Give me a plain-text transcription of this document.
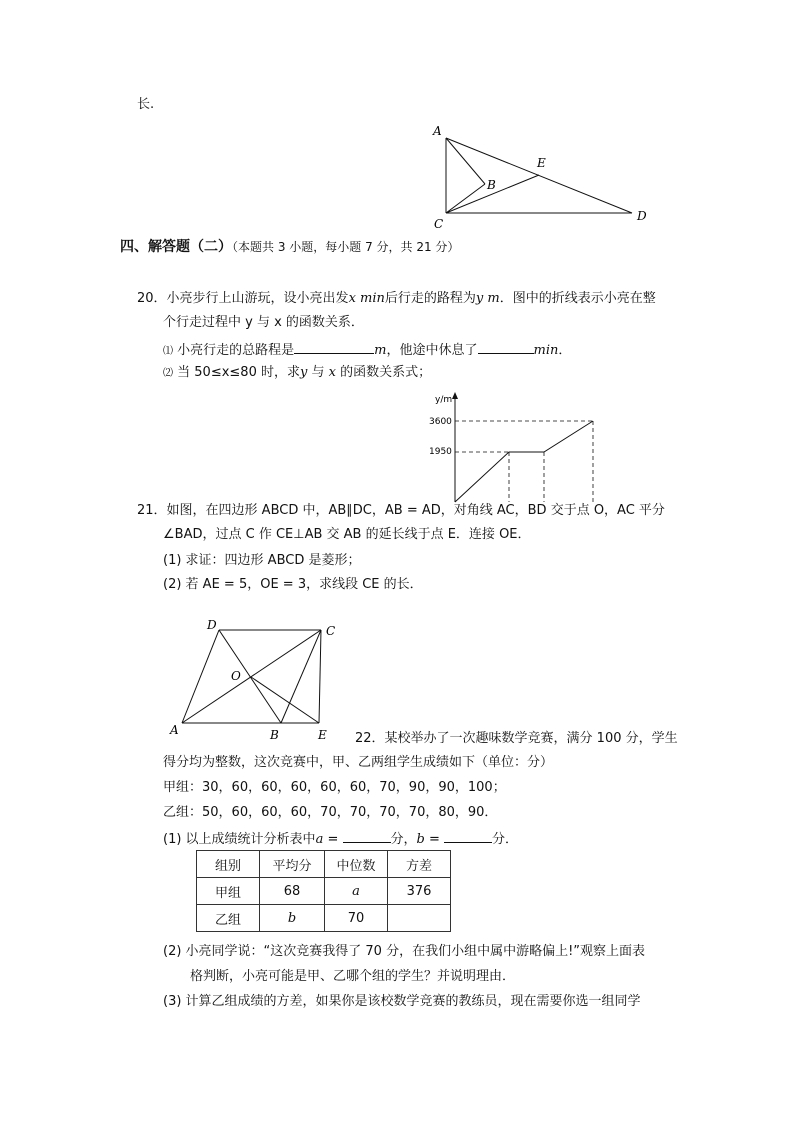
长.
A
B
C
D
E
四、解答题（二）（本题共 3 小题，每小题 7 分，共 21 分）
20．小亮步行上山游玩，设小亮出发x min后行走的路程为y m．图中的折线表示小亮在整
个行走过程中 y 与 x 的函数关系．
⑴ 小亮行走的总路程是	m，他途中休息了	min．
⑵ 当 50≤x≤80 时，求y 与 x 的函数关系式；
y/m
3600
1950
21．如图，在四边形 ABCD 中，AB∥DC，AB = AD，对角线 AC，BD 交于点 O，AC 平分
∠BAD，过点 C 作 CE⊥AB 交 AB 的延长线于点 E．连接 OE．
(1) 求证：四边形 ABCD 是菱形；
(2) 若 AE = 5，OE = 3，求线段 CE 的长．
D	C
O
A	B	E 22．某校举办了一次趣味数学竞赛，满分 100 分，学生
得分均为整数，这次竞赛中，甲、乙两组学生成绩如下（单位：分）
甲组：30，60，60，60，60，60，70，90，90，100；
乙组：50，60，60，60，70，70，70，70，80，90．
(1) 以上成绩统计分析表中a =	分，b =	分．
组别	平均分	中位数	方差
甲组	68	a	376
乙组	b	70	
(2) 小亮同学说：“这次竞赛我得了 70 分，在我们小组中属中游略偏上!”观察上面表
格判断，小亮可能是甲、乙哪个组的学生？并说明理由．
(3) 计算乙组成绩的方差，如果你是该校数学竞赛的教练员，现在需要你选一组同学
